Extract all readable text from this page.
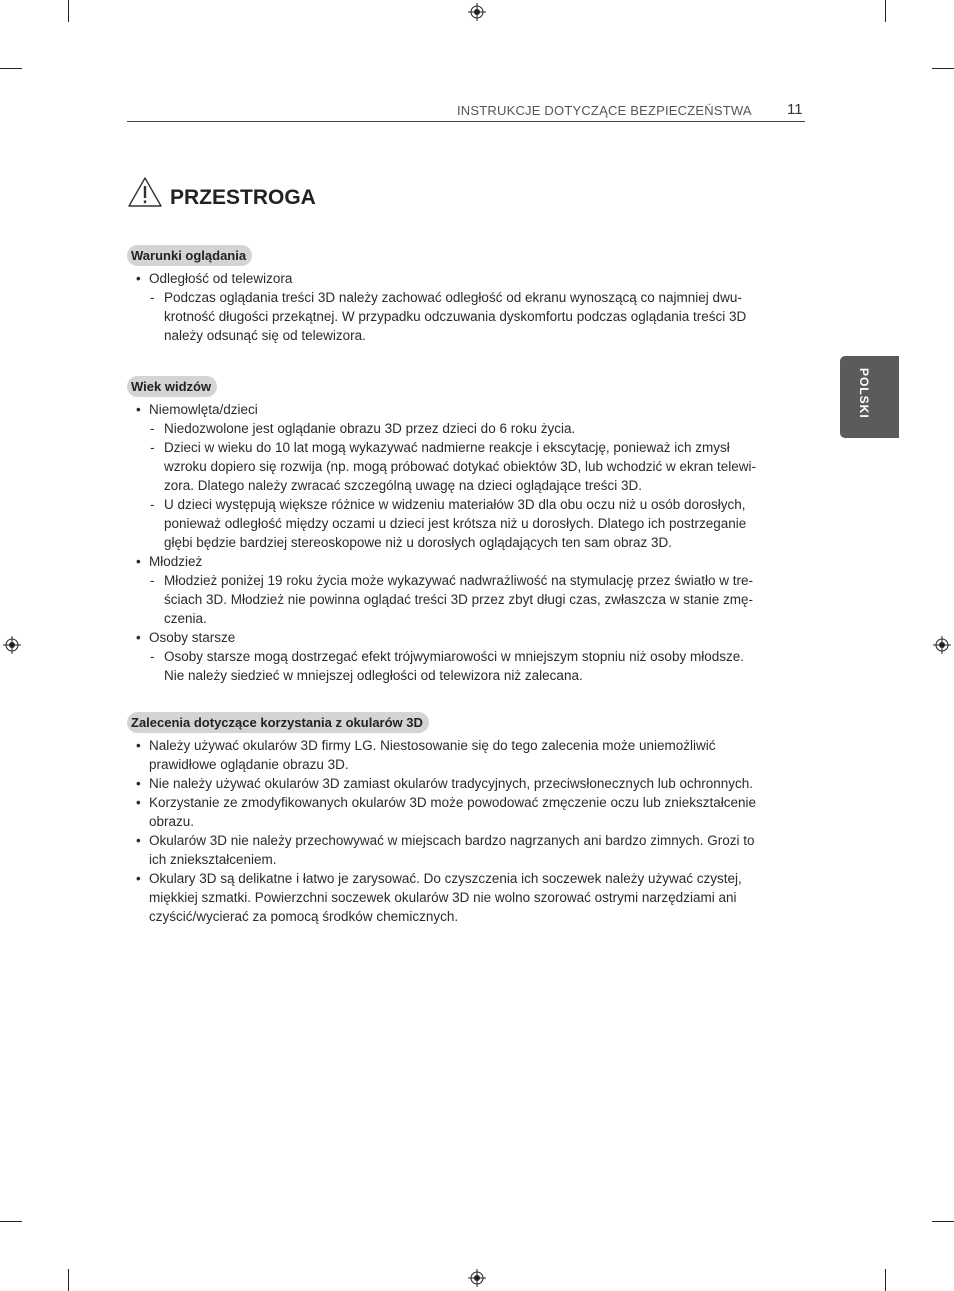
INSTRUKCJE DOTYCZĄCE BEZPIECZEŃSTWA 11
POLSKI
PRZESTROGA
Warunki oglądania

• Odległość od telewizora

- Podczas oglądania treści 3D należy zachować odległość od ekranu wynoszącą co najmniej dwu-
krotność długości przekątnej. W przypadku odczuwania dyskomfortu podczas oglądania treści 3D
należy odsunąć się od telewizora.
Wiek widzów

• Niemowlęta/dzieci

- Niedozwolone jest oglądanie obrazu 3D przez dzieci do 6 roku życia.
- Dzieci w wieku do 10 lat mogą wykazywać nadmierne reakcje i ekscytację, ponieważ ich zmysł
wzroku dopiero się rozwija (np. mogą próbować dotykać obiektów 3D, lub wchodzić w ekran telewi-
zora. Dlatego należy zwracać szczególną uwagę na dzieci oglądające treści 3D.
- U dzieci występują większe różnice w widzeniu materiałów 3D dla obu oczu niż u osób dorosłych,
ponieważ odległość między oczami u dzieci jest krótsza niż u dorosłych. Dlatego ich postrzeganie
głębi będzie bardziej stereoskopowe niż u dorosłych oglądających ten sam obraz 3D.

• Młodzież

- Młodzież poniżej 19 roku życia może wykazywać nadwrażliwość na stymulację przez światło w tre-
ściach 3D. Młodzież nie powinna oglądać treści 3D przez zbyt długi czas, zwłaszcza w stanie zmę-
czenia.

• Osoby starsze

- Osoby starsze mogą dostrzegać efekt trójwymiarowości w mniejszym stopniu niż osoby młodsze.
Nie należy siedzieć w mniejszej odległości od telewizora niż zalecana.
Zalecenia dotyczące korzystania z okularów 3D
• Należy używać okularów 3D firmy LG. Niestosowanie się do tego zalecenia może uniemożliwić
prawidłowe oglądanie obrazu 3D.
• Nie należy używać okularów 3D zamiast okularów tradycyjnych, przeciwsłonecznych lub ochronnych.
• Korzystanie ze zmodyfikowanych okularów 3D może powodować zmęczenie oczu lub zniekształcenie
obrazu.
• Okularów 3D nie należy przechowywać w miejscach bardzo nagrzanych ani bardzo zimnych. Grozi to
ich zniekształceniem.
• Okulary 3D są delikatne i łatwo je zarysować. Do czyszczenia ich soczewek należy używać czystej,
miękkiej szmatki. Powierzchni soczewek okularów 3D nie wolno szorować ostrymi narzędziami ani
czyścić/wycierać za pomocą środków chemicznych.
